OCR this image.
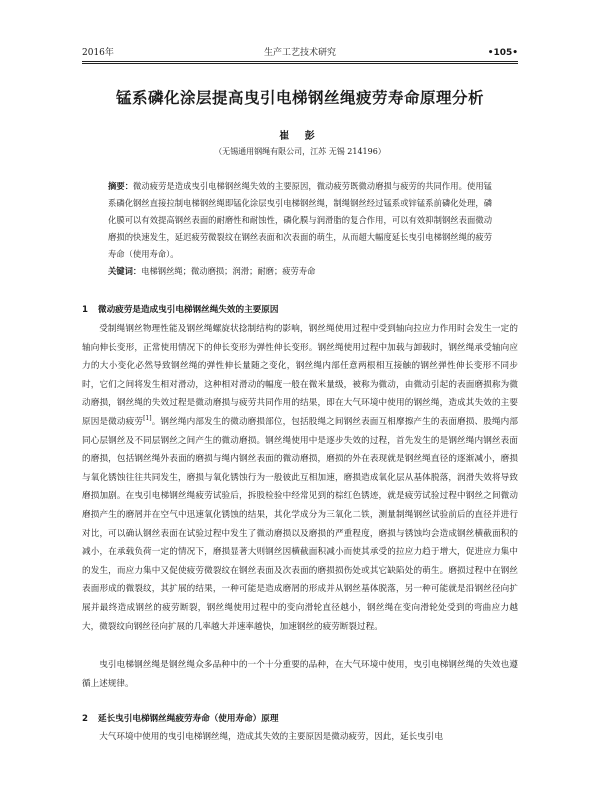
2016年	生产工艺技术研究	•105•
锰系磷化涂层提高曳引电梯钢丝绳疲劳寿命原理分析
崔 彭
（无锡通用钢绳有限公司，江苏 无锡 214196）
摘要：微动疲劳是造成曳引电梯钢丝绳失效的主要原因，微动疲劳既微动磨损与疲劳的共同作用。使用锰系磷化钢丝直接拉制电梯钢丝绳即锰化涂层曳引电梯钢丝绳，制绳钢丝经过锰系或锌锰系前磷化处理，磷化膜可以有效提高钢丝表面的耐磨性和耐蚀性，磷化膜与润滑脂的复合作用，可以有效抑制钢丝表面微动磨损的快速发生，延迟疲劳微裂纹在钢丝表面和次表面的萌生，从而超大幅度延长曳引电梯钢丝绳的疲劳寿命（使用寿命）。
关键词：电梯钢丝绳；微动磨损；润滑；耐磨；疲劳寿命
1 微动疲劳是造成曳引电梯钢丝绳失效的主要原因

受制绳钢丝物理性能及钢丝绳螺旋状捻制结构的影响，钢丝绳使用过程中受到轴向拉应力作用时会发生一定的轴向伸长变形，正常使用情况下的伸长变形为弹性伸长变形。钢丝绳使用过程中加载与卸载时，钢丝绳承受轴向应力的大小变化必然导致钢丝绳的弹性伸长量随之变化，钢丝绳内部任意两根相互接触的钢丝弹性伸长变形不同步时，它们之间将发生相对滑动，这种相对滑动的幅度一般在微米量级，被称为微动，由微动引起的表面磨损称为微动磨损，钢丝绳的失效过程是微动磨损与疲劳共同作用的结果，即在大气环境中使用的钢丝绳，造成其失效的主要原因是微动疲劳[1]。钢丝绳内部发生的微动磨损部位，包括股绳之间钢丝表面互相摩擦产生的表面磨损、股绳内部同心层钢丝及不同层钢丝之间产生的微动磨损。钢丝绳使用中是逐步失效的过程，首先发生的是钢丝绳内钢丝表面的磨损，包括钢丝绳外表面的磨损与绳内钢丝表面的微动磨损，磨损的外在表现就是钢丝绳直径的逐渐减小，磨损与氧化锈蚀往往共同发生，磨损与氧化锈蚀行为一般彼此互相加速，磨损造成氧化层从基体脱落，润滑失效将导致磨损加剧。在曳引电梯钢丝绳疲劳试验后，拆股检验中经常见到的棕红色锈迹，就是疲劳试验过程中钢丝之间微动磨损产生的磨屑并在空气中迅速氧化锈蚀的结果，其化学成分为三氧化二铁，测量制绳钢丝试验前后的直径并进行对比，可以确认钢丝表面在试验过程中发生了微动磨损以及磨损的严重程度，磨损与锈蚀均会造成钢丝横截面积的减小，在承载负荷一定的情况下，磨损显著大则钢丝因横截面积减小而使其承受的拉应力趋于增大，促进应力集中的发生，而应力集中又促使疲劳微裂纹在钢丝表面及次表面的磨损损伤处或其它缺陷处的萌生。磨损过程中在钢丝表面形成的微裂纹，其扩展的结果，一种可能是造成磨屑的形成并从钢丝基体脱落，另一种可能就是沿钢丝径向扩展并最终造成钢丝的疲劳断裂，钢丝绳使用过程中的变向滑轮直径越小，钢丝绳在变向滑轮处受到的弯曲应力越大，微裂纹向钢丝径向扩展的几率越大并速率越快，加速钢丝的疲劳断裂过程。

曳引电梯钢丝绳是钢丝绳众多品种中的一个十分重要的品种，在大气环境中使用，曳引电梯钢丝绳的失效也遵循上述规律。

2 延长曳引电梯钢丝绳疲劳寿命（使用寿命）原理

大气环境中使用的曳引电梯钢丝绳，造成其失效的主要原因是微动疲劳，因此，延长曳引电
